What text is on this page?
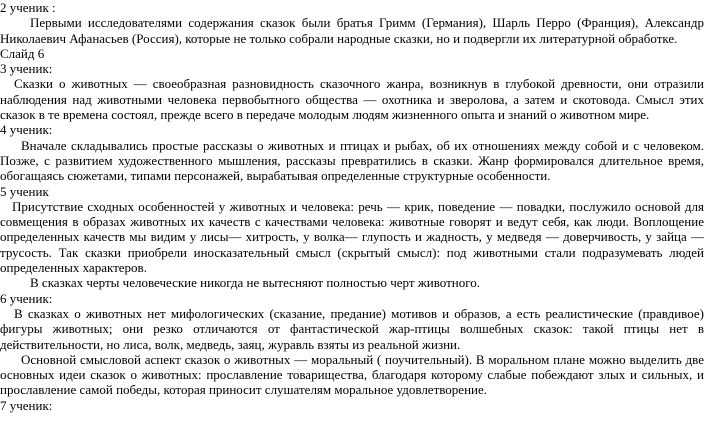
2 ученик :

Первыми исследователями содержания сказок были братья Гримм (Германия), Шарль Перро (Франция), Александр Николаевич Афанасьев (Россия), которые не только собрали народные сказки, но и подвергли их литературной обработке.

Слайд 6

3 ученик:

Сказки о животных — своеобразная разновидность сказочного жанра, возникнув в глубокой древности, они отразили наблюдения над животными человека первобытного общества — охотника и зверолова, а затем и скотовода. Смысл этих сказок в те времена состоял, прежде всего в передаче молодым людям жизненного опыта и знаний о животном мире.

4 ученик:

Вначале складывались простые рассказы о животных и птицах и рыбах, об их отношениях между собой и с человеком. Позже, с развитием художественного мышления, рассказы превратились в сказки. Жанр формировался длительное время, обогащаясь сюжетами, типами персонажей, вырабатывая определенные структурные особенности.

5 ученик

Присутствие сходных особенностей у животных и человека: речь — крик, поведение — повадки, послужило основой для совмещения в образах животных их качеств с качествами человека: животные говорят и ведут себя, как люди. Воплощение определенных качеств мы видим у лисы— хитрость, у волка— глупость и жадность, у медведя — доверчивость, у зайца — трусость. Так сказки приобрели иносказательный смысл (скрытый смысл): под животными стали подразумевать людей определенных характеров.

В сказках черты человеческие никогда не вытесняют полностью черт животного.

6 ученик:

В сказках о животных нет мифологических (сказание, предание) мотивов и образов, а есть реалистические (правдивое) фигуры животных; они резко отличаются от фантастической жар-птицы волшебных сказок: такой птицы нет в действительности, но лиса, волк, медведь, заяц, журавль взяты из реальной жизни.

Основной смысловой аспект сказок о животных — моральный ( поучительный). В моральном плане можно выделить две основных идеи сказок о животных: прославление товарищества, благодаря которому слабые побеждают злых и сильных, и прославление самой победы, которая приносит слушателям моральное удовлетворение.

7 ученик:
